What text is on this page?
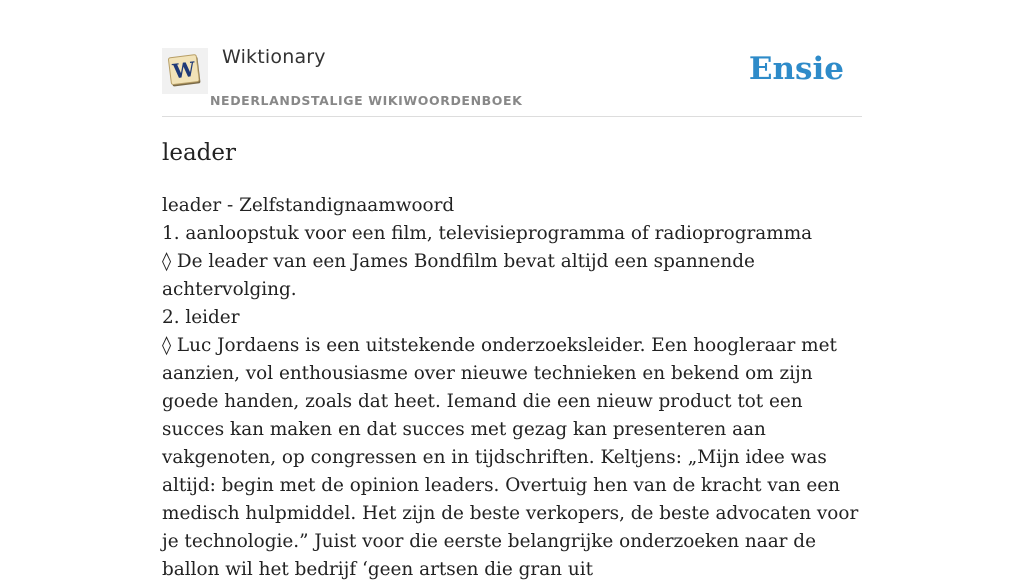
W Wiktionary
NEDERLANDSTALIGE WIKIWOORDENBOEK
Ensie
leader

leader - Zelfstandignaamwoord

1. aanloopstuk voor een film, televisieprogramma of radioprogramma

◊ De leader van een James Bondfilm bevat altijd een spannende achtervolging.

2. leider

◊ Luc Jordaens is een uitstekende onderzoeksleider. Een hoogleraar met aanzien, vol enthousiasme over nieuwe technieken en bekend om zijn goede handen, zoals dat heet. Iemand die een nieuw product tot een succes kan maken en dat succes met gezag kan presenteren aan vakgenoten, op congressen en in tijdschriften. Keltjens: „Mijn idee was altijd: begin met de opinion leaders. Overtuig hen van de kracht van een medisch hulpmiddel. Het zijn de beste verkopers, de beste advocaten voor je technologie.” Juist voor die eerste belangrijke onderzoeken naar de ballon wil het bedrijf ‘geen artsen die gran uit
